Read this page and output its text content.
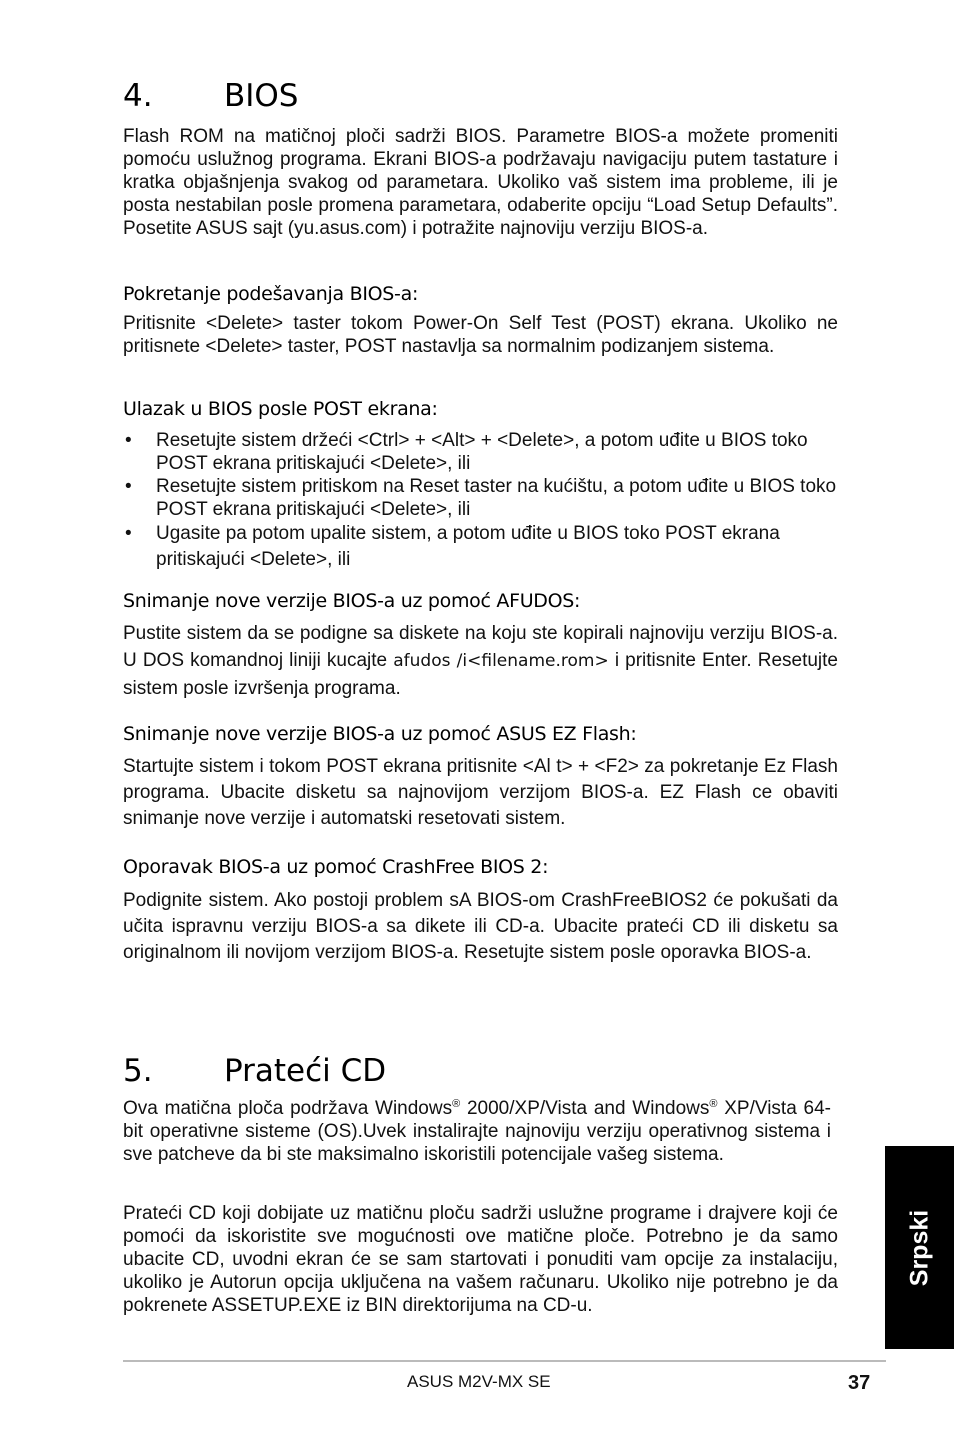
4. BIOS

Flash ROM na matičnoj ploči sadrži BIOS. Parametre BIOS-a možete promeniti pomoću uslužnog programa. Ekrani BIOS-a podržavaju navigaciju putem tastature i kratka objašnjenja svakog od parametara. Ukoliko vaš sistem ima probleme, ili je posta nestabilan posle promena parametara, odaberite opciju “Load Setup Defaults”. Posetite ASUS sajt (yu.asus.com) i potražite najnoviju verziju BIOS-a.

Pokretanje podešavanja BIOS-a:

Pritisnite <Delete> taster tokom Power-On Self Test (POST) ekrana. Ukoliko ne pritisnete <Delete> taster, POST nastavlja sa normalnim podizanjem sistema.

Ulazak u BIOS posle POST ekrana:
• Resetujte sistem držeći <Ctrl> + <Alt> + <Delete>, a potom uđite u BIOS toko POST ekrana pritiskajući <Delete>, ili
• Resetujte sistem pritiskom na Reset taster na kućištu, a potom uđite u BIOS toko POST ekrana pritiskajući <Delete>, ili
• Ugasite pa potom upalite sistem, a potom uđite u BIOS toko POST ekrana pritiskajući <Delete>, ili
Snimanje nove verzije BIOS-a uz pomoć AFUDOS:

Pustite sistem da se podigne sa diskete na koju ste kopirali najnoviju verziju BIOS-a. U DOS komandnoj liniji kucajte afudos /i<filename.rom> i pritisnite Enter. Resetujte sistem posle izvršenja programa.

Snimanje nove verzije BIOS-a uz pomoć ASUS EZ Flash:

Startujte sistem i tokom POST ekrana pritisnite <Al t> + <F2> za pokretanje Ez Flash programa. Ubacite disketu sa najnovijom verzijom BIOS-a. EZ Flash ce obaviti snimanje nove verzije i automatski resetovati sistem.

Oporavak BIOS-a uz pomoć CrashFree BIOS 2:

Podignite sistem. Ako postoji problem sA BIOS-om CrashFreeBIOS2 će pokušati da učita ispravnu verziju BIOS-a sa dikete ili CD-a. Ubacite prateći CD ili disketu sa originalnom ili novijom verzijom BIOS-a. Resetujte sistem posle oporavka BIOS-a.

5. Prateći CD

Ova matična ploča podržava Windows® 2000/XP/Vista and Windows® XP/Vista 64-bit operativne sisteme (OS).Uvek instalirajte najnoviju verziju operativnog sistema i sve patcheve da bi ste maksimalno iskoristili potencijale vašeg sistema.

Prateći CD koji dobijate uz matičnu ploču sadrži uslužne programe i drajvere koji će pomoći da iskoristite sve mogućnosti ove matične ploče. Potrebno je da samo ubacite CD, uvodni ekran će se sam startovati i ponuditi vam opcije za instalaciju, ukoliko je Autorun opcija uključena na vašem računaru. Ukoliko nije potrebno je da pokrenete ASSETUP.EXE iz BIN direktorijuma na CD-u.

Srpski
ASUS M2V-MX SE	37
